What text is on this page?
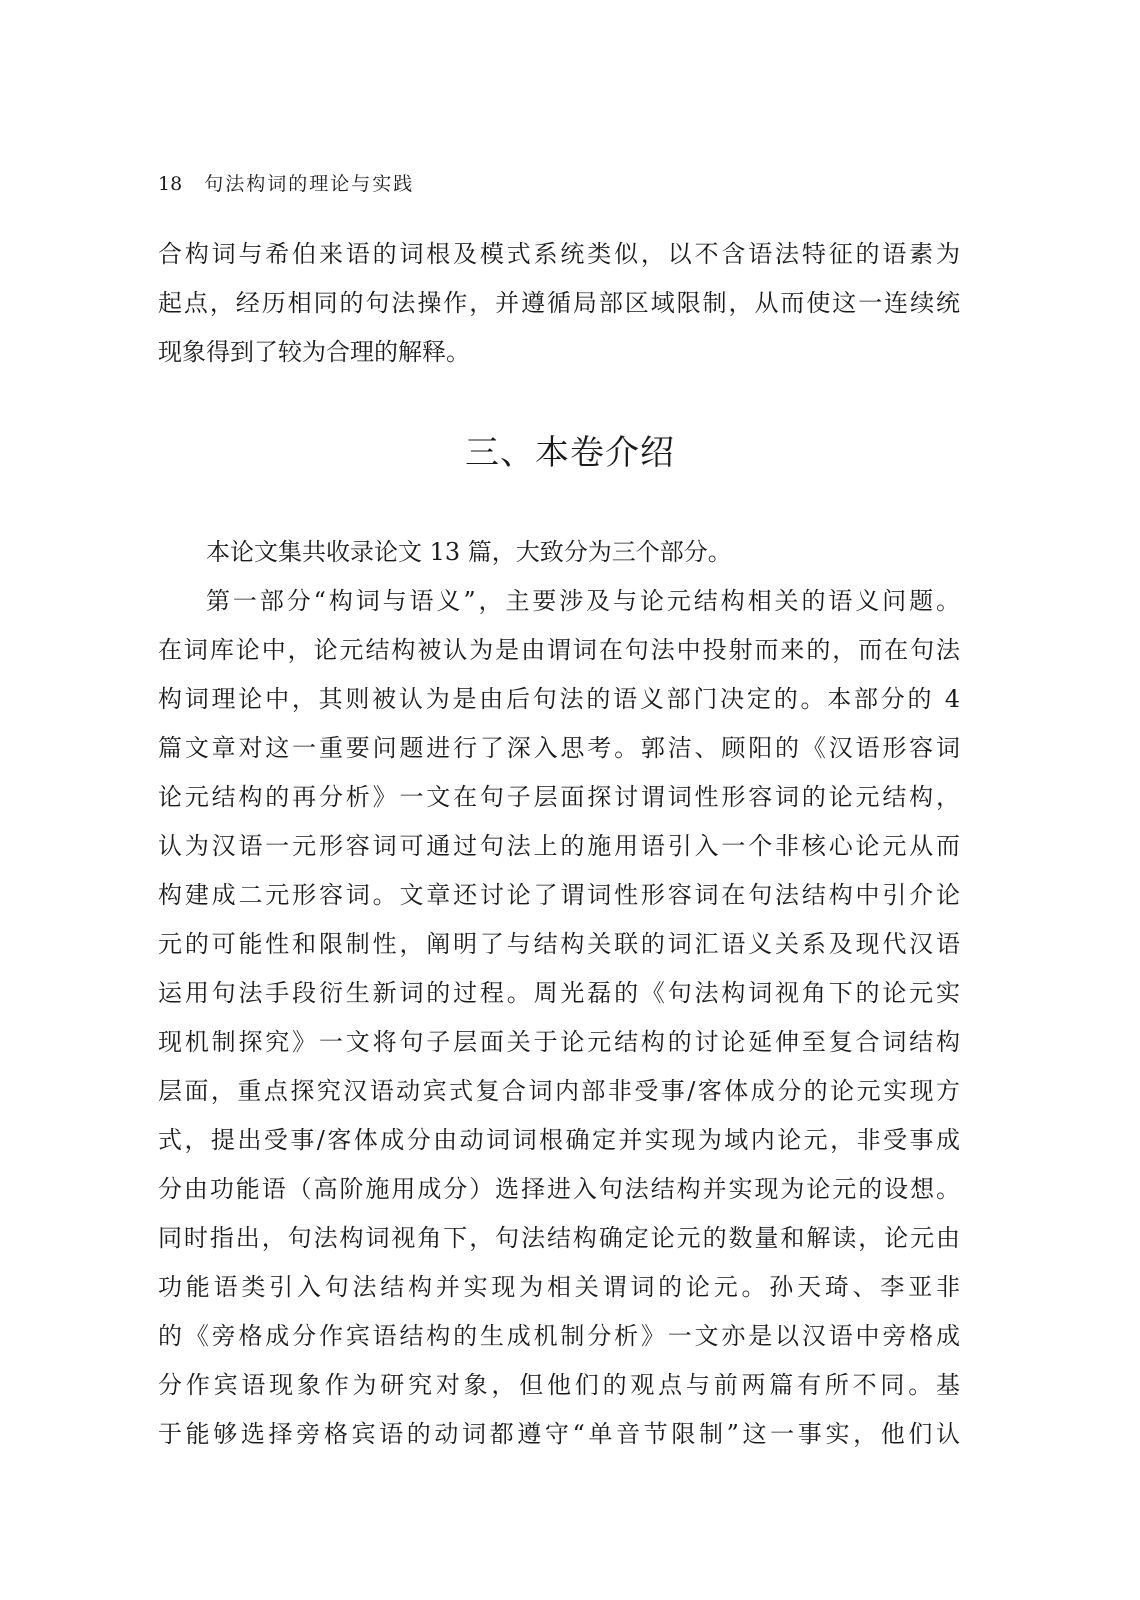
18 句法构词的理论与实践
合构词与希伯来语的词根及模式系统类似，以不含语法特征的语素为
起点，经历相同的句法操作，并遵循局部区域限制，从而使这一连续统
现象得到了较为合理的解释。
三、本卷介绍
本论文集共收录论文 13 篇，大致分为三个部分。
第一部分“构词与语义”，主要涉及与论元结构相关的语义问题。
在词库论中，论元结构被认为是由谓词在句法中投射而来的，而在句法
构词理论中，其则被认为是由后句法的语义部门决定的。本部分的 4
篇文章对这一重要问题进行了深入思考。郭洁、顾阳的《汉语形容词
论元结构的再分析》一文在句子层面探讨谓词性形容词的论元结构，
认为汉语一元形容词可通过句法上的施用语引入一个非核心论元从而
构建成二元形容词。文章还讨论了谓词性形容词在句法结构中引介论
元的可能性和限制性，阐明了与结构关联的词汇语义关系及现代汉语
运用句法手段衍生新词的过程。周光磊的《句法构词视角下的论元实
现机制探究》一文将句子层面关于论元结构的讨论延伸至复合词结构
层面，重点探究汉语动宾式复合词内部非受事/客体成分的论元实现方
式，提出受事/客体成分由动词词根确定并实现为域内论元，非受事成
分由功能语（高阶施用成分）选择进入句法结构并实现为论元的设想。
同时指出，句法构词视角下，句法结构确定论元的数量和解读，论元由
功能语类引入句法结构并实现为相关谓词的论元。孙天琦、李亚非
的《旁格成分作宾语结构的生成机制分析》一文亦是以汉语中旁格成
分作宾语现象作为研究对象，但他们的观点与前两篇有所不同。基
于能够选择旁格宾语的动词都遵守“单音节限制”这一事实，他们认
